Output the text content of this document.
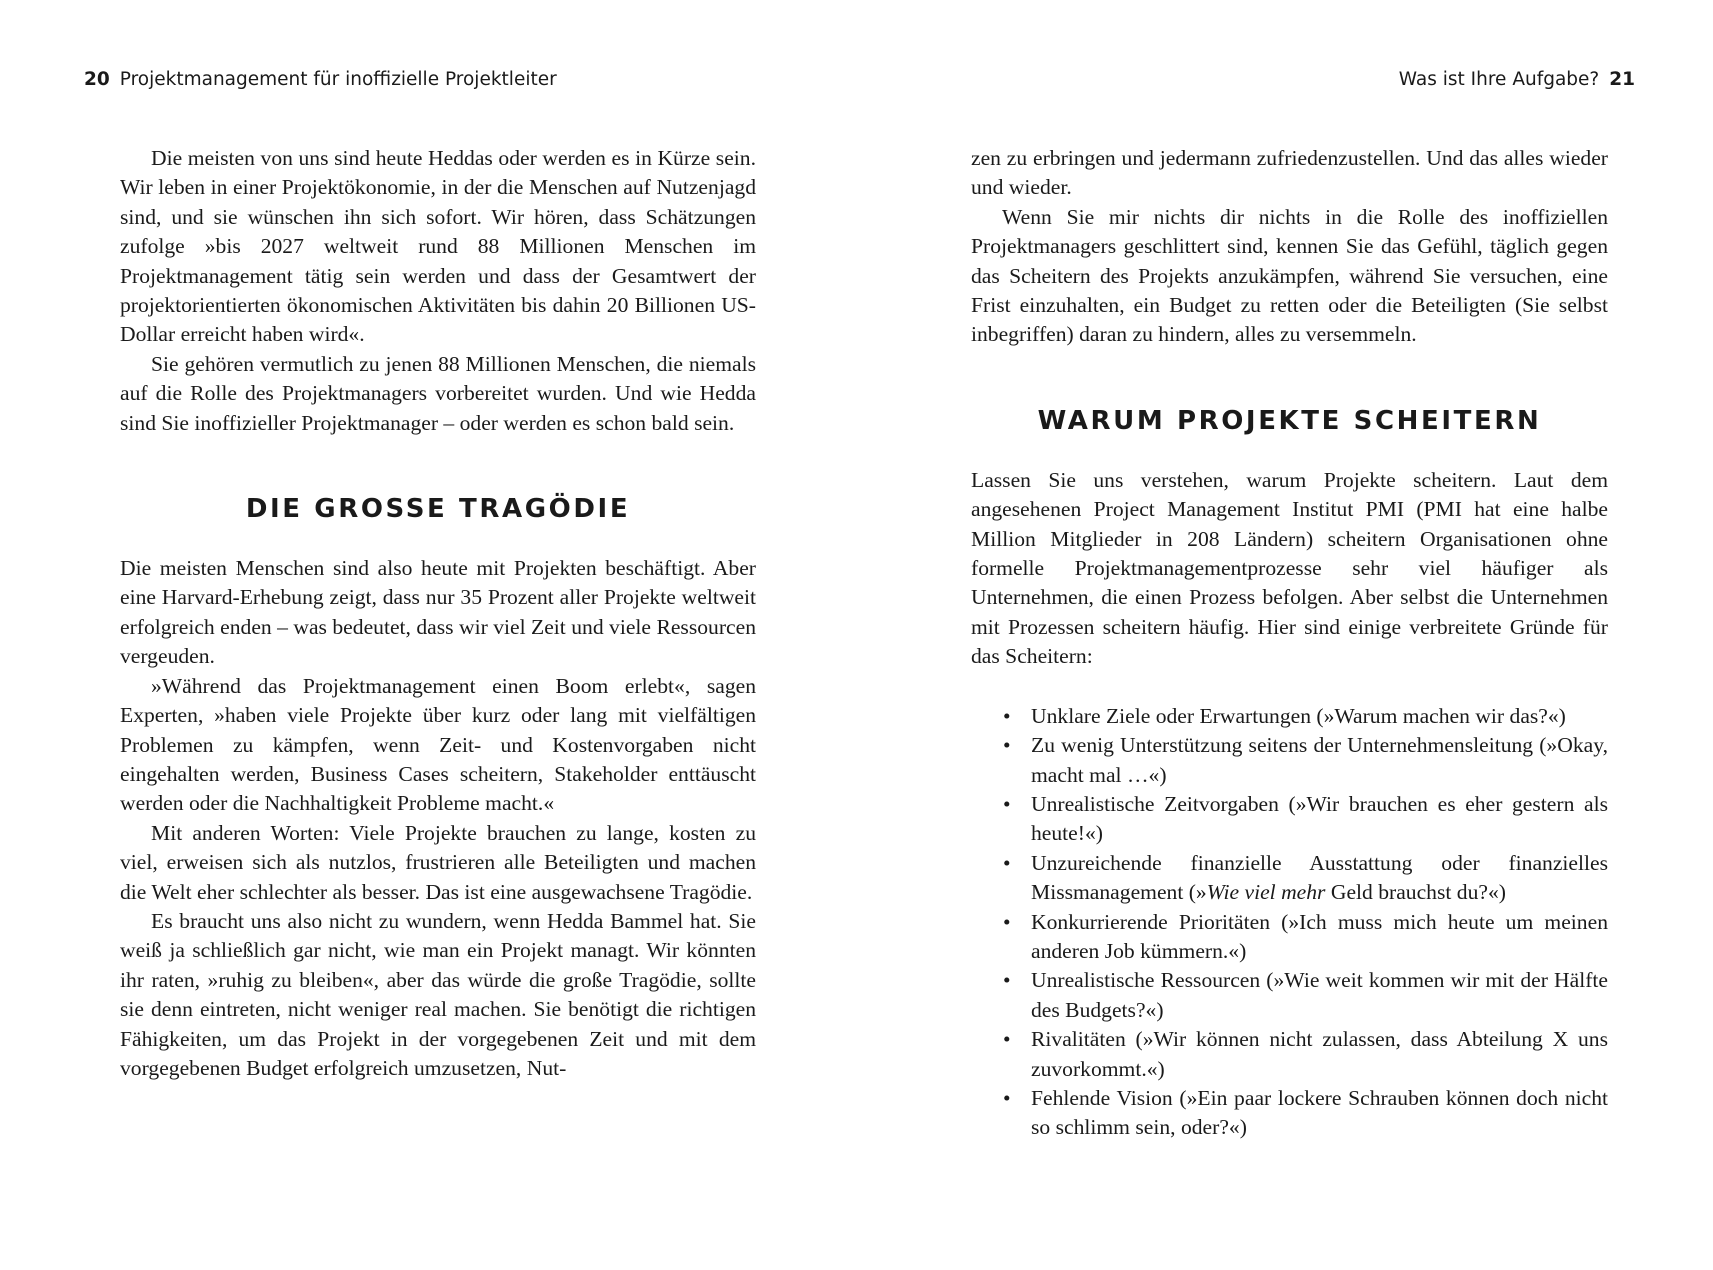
20 Projektmanagement für inoffizielle Projektleiter	Was ist Ihre Aufgabe? 21

Die meisten von uns sind heute Heddas oder werden es in Kürze sein. Wir leben in einer Projektökonomie, in der die Menschen auf Nutzenjagd sind, und sie wünschen ihn sich sofort. Wir hören, dass Schätzungen zufolge »bis 2027 weltweit rund 88 Millionen Menschen im Projektmanagement tätig sein werden und dass der Gesamtwert der projektorientierten ökonomischen Aktivitäten bis dahin 20 Billionen US-Dollar erreicht haben wird«.

Sie gehören vermutlich zu jenen 88 Millionen Menschen, die niemals auf die Rolle des Projektmanagers vorbereitet wurden. Und wie Hedda sind Sie inoffizieller Projektmanager – oder werden es schon bald sein.

DIE GROSSE TRAGÖDIE

Die meisten Menschen sind also heute mit Projekten beschäftigt. Aber eine Harvard-Erhebung zeigt, dass nur 35 Prozent aller Projekte weltweit erfolgreich enden – was bedeutet, dass wir viel Zeit und viele Ressourcen vergeuden.

»Während das Projektmanagement einen Boom erlebt«, sagen Experten, »haben viele Projekte über kurz oder lang mit vielfältigen Problemen zu kämpfen, wenn Zeit- und Kostenvorgaben nicht eingehalten werden, Business Cases scheitern, Stakeholder enttäuscht werden oder die Nachhaltigkeit Probleme macht.«

Mit anderen Worten: Viele Projekte brauchen zu lange, kosten zu viel, erweisen sich als nutzlos, frustrieren alle Beteiligten und machen die Welt eher schlechter als besser. Das ist eine ausgewachsene Tragödie.

Es braucht uns also nicht zu wundern, wenn Hedda Bammel hat. Sie weiß ja schließlich gar nicht, wie man ein Projekt managt. Wir könnten ihr raten, »ruhig zu bleiben«, aber das würde die große Tragödie, sollte sie denn eintreten, nicht weniger real machen. Sie benötigt die richtigen Fähigkeiten, um das Projekt in der vorgegebenen Zeit und mit dem vorgegebenen Budget erfolgreich umzusetzen, Nut-

zen zu erbringen und jedermann zufriedenzustellen. Und das alles wieder und wieder.

Wenn Sie mir nichts dir nichts in die Rolle des inoffiziellen Projektmanagers geschlittert sind, kennen Sie das Gefühl, täglich gegen das Scheitern des Projekts anzukämpfen, während Sie versuchen, eine Frist einzuhalten, ein Budget zu retten oder die Beteiligten (Sie selbst inbegriffen) daran zu hindern, alles zu versemmeln.

WARUM PROJEKTE SCHEITERN

Lassen Sie uns verstehen, warum Projekte scheitern. Laut dem angesehenen Project Management Institut PMI (PMI hat eine halbe Million Mitglieder in 208 Ländern) scheitern Organisationen ohne formelle Projektmanagementprozesse sehr viel häufiger als Unternehmen, die einen Prozess befolgen. Aber selbst die Unternehmen mit Prozessen scheitern häufig. Hier sind einige verbreitete Gründe für das Scheitern:

• Unklare Ziele oder Erwartungen (»Warum machen wir das?«)
• Zu wenig Unterstützung seitens der Unternehmensleitung (»Okay, macht mal …«)
• Unrealistische Zeitvorgaben (»Wir brauchen es eher gestern als heute!«)
• Unzureichende finanzielle Ausstattung oder finanzielles Missmanagement (»Wie viel mehr Geld brauchst du?«)
• Konkurrierende Prioritäten (»Ich muss mich heute um meinen anderen Job kümmern.«)
• Unrealistische Ressourcen (»Wie weit kommen wir mit der Hälfte des Budgets?«)
• Rivalitäten (»Wir können nicht zulassen, dass Abteilung X uns zuvorkommt.«)
• Fehlende Vision (»Ein paar lockere Schrauben können doch nicht so schlimm sein, oder?«)
